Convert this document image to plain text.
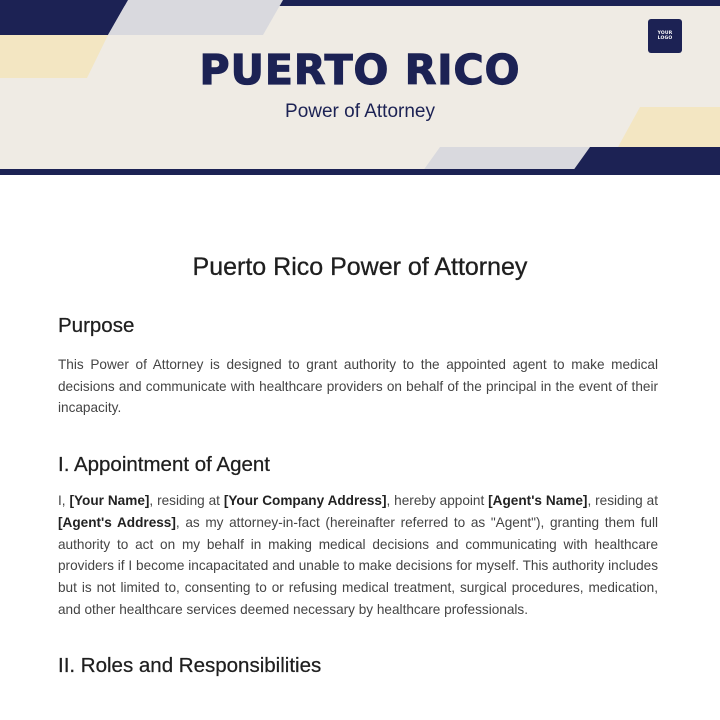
YOUR LOGO
PUERTO RICO
Power of Attorney
Puerto Rico Power of Attorney
Purpose

This Power of Attorney is designed to grant authority to the appointed agent to make medical decisions and communicate with healthcare providers on behalf of the principal in the event of their incapacity.

I. Appointment of Agent

I, [Your Name], residing at [Your Company Address], hereby appoint [Agent's Name], residing at [Agent's Address], as my attorney-in-fact (hereinafter referred to as "Agent"), granting them full authority to act on my behalf in making medical decisions and communicating with healthcare providers if I become incapacitated and unable to make decisions for myself. This authority includes but is not limited to, consenting to or refusing medical treatment, surgical procedures, medication, and other healthcare services deemed necessary by healthcare professionals.

II. Roles and Responsibilities
